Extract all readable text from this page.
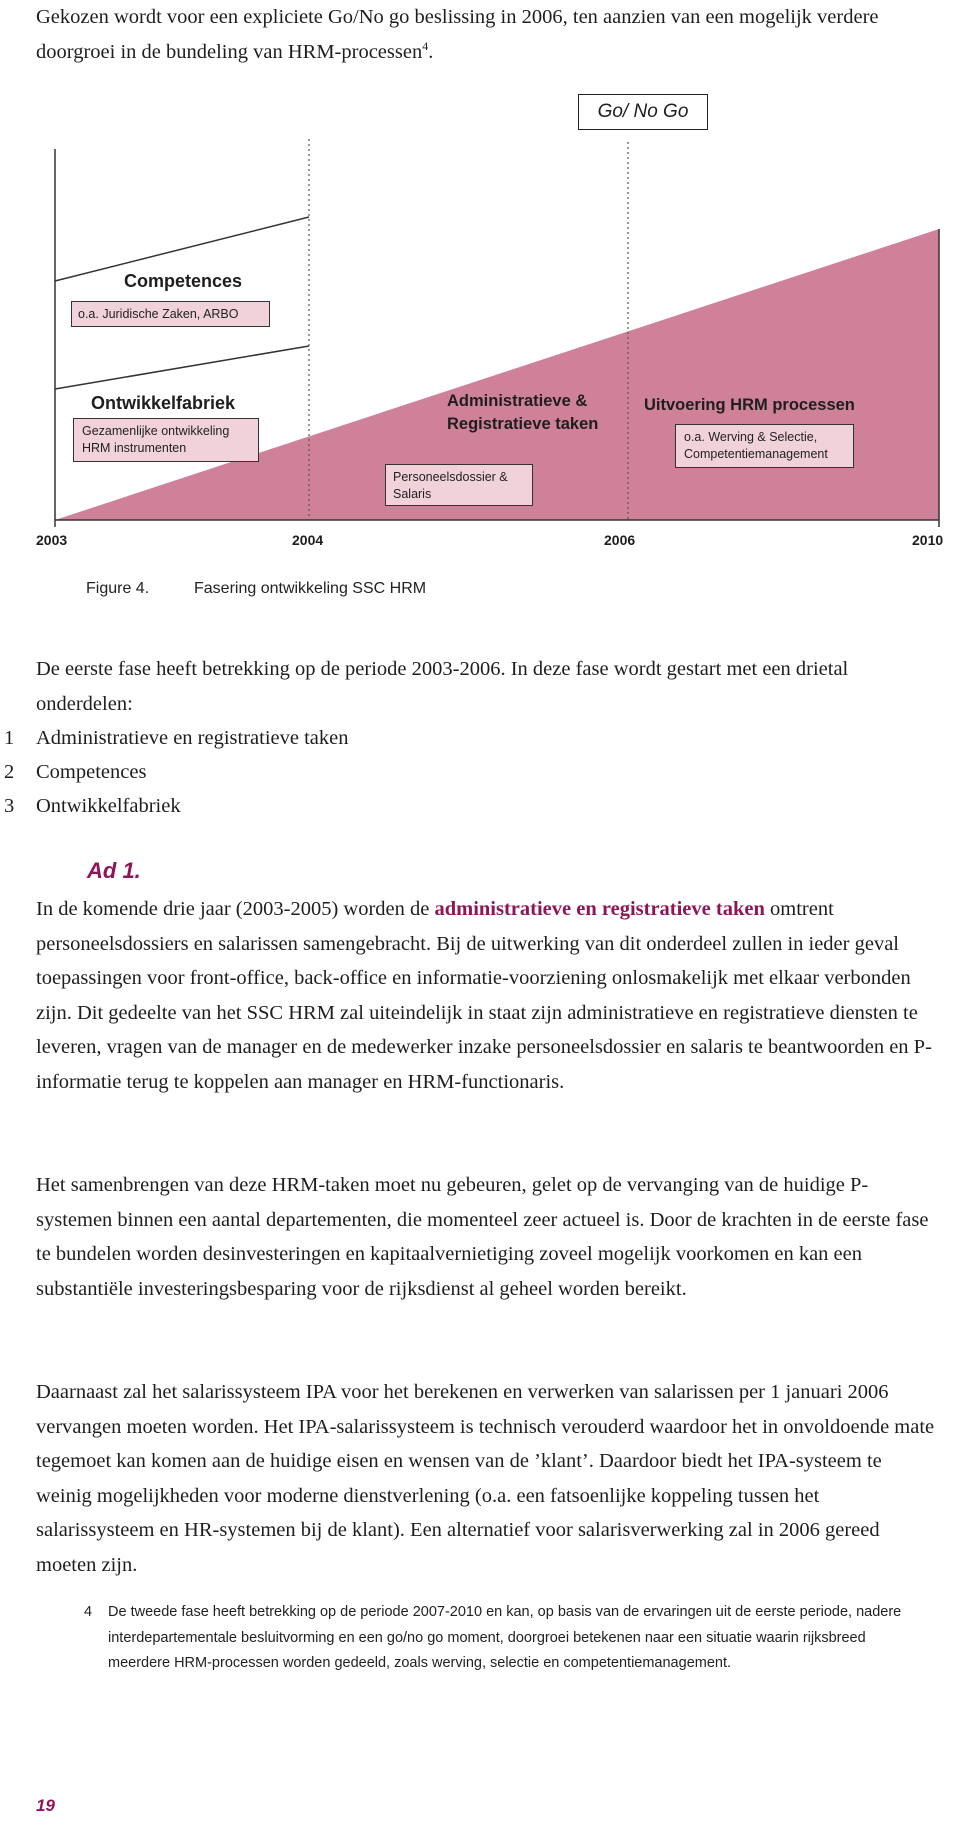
Gekozen wordt voor een expliciete Go/No go beslissing in 2006, ten aanzien van een mogelijk verdere doorgroei in de bundeling van HRM-processen$^4$.
Go/ No Go
Competences
o.a. Juridische Zaken, ARBO
Ontwikkelfabriek
Gezamenlijke ontwikkeling HRM instrumenten
Administratieve & Registratieve taken
Personeelsdossier & Salaris
Uitvoering HRM processen
o.a. Werving & Selectie, Competentiemanagement
2003	2004	2006	2010
Figure 4.	Fasering ontwikkeling SSC HRM
De eerste fase heeft betrekking op de periode 2003-2006. In deze fase wordt gestart met een drietal onderdelen:
1 Administratieve en registratieve taken
2 Competences
3 Ontwikkelfabriek
Ad 1.
In de komende drie jaar (2003-2005) worden de administratieve en registratieve taken omtrent personeelsdossiers en salarissen samengebracht. Bij de uitwerking van dit onderdeel zullen in ieder geval toepassingen voor front-office, back-office en informatie-voorziening onlosmakelijk met elkaar verbonden zijn. Dit gedeelte van het SSC HRM zal uiteindelijk in staat zijn administratieve en registratieve diensten te leveren, vragen van de manager en de medewerker inzake personeelsdossier en salaris te beantwoorden en P-informatie terug te koppelen aan manager en HRM-functionaris.
Het samenbrengen van deze HRM-taken moet nu gebeuren, gelet op de vervanging van de huidige P-systemen binnen een aantal departementen, die momenteel zeer actueel is. Door de krachten in de eerste fase te bundelen worden desinvesteringen en kapitaalvernietiging zoveel mogelijk voorkomen en kan een substantiële investeringsbesparing voor de rijksdienst al geheel worden bereikt.
Daarnaast zal het salarissysteem IPA voor het berekenen en verwerken van salarissen per 1 januari 2006 vervangen moeten worden. Het IPA-salarissysteem is technisch verouderd waardoor het in onvoldoende mate tegemoet kan komen aan de huidige eisen en wensen van de ’klant’. Daardoor biedt het IPA-systeem te weinig mogelijkheden voor moderne dienstverlening (o.a. een fatsoenlijke koppeling tussen het salarissysteem en HR-systemen bij de klant). Een alternatief voor salarisverwerking zal in 2006 gereed moeten zijn.
4 De tweede fase heeft betrekking op de periode 2007-2010 en kan, op basis van de ervaringen uit de eerste periode, nadere interdepartementale besluitvorming en een go/no go moment, doorgroei betekenen naar een situatie waarin rijksbreed meerdere HRM-processen worden gedeeld, zoals werving, selectie en competentiemanagement.
19
